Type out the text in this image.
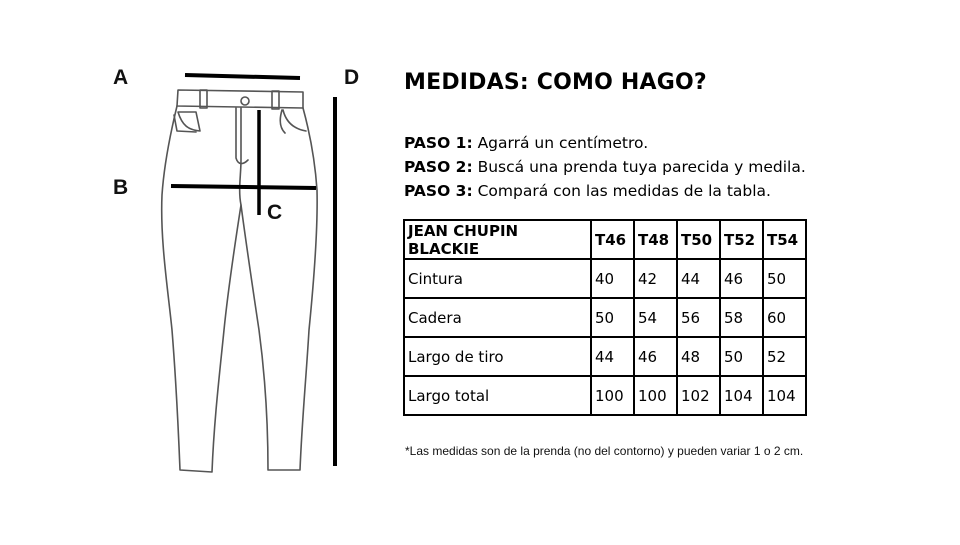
A
B
C
D MEDIDAS: COMO HAGO?
PASO 1: Agarrá un centímetro.
PASO 2: Buscá una prenda tuya parecida y medila.
PASO 3: Compará con las medidas de la tabla.
JEAN CHUPIN BLACKIE	T46	T48	T50	T52	T54
Cintura	40	42	44	46	50
Cadera	50	54	56	58	60
Largo de tiro	44	46	48	50	52
Largo total	100	100	102	104	104
*Las medidas son de la prenda (no del contorno) y pueden variar 1 o 2 cm.
